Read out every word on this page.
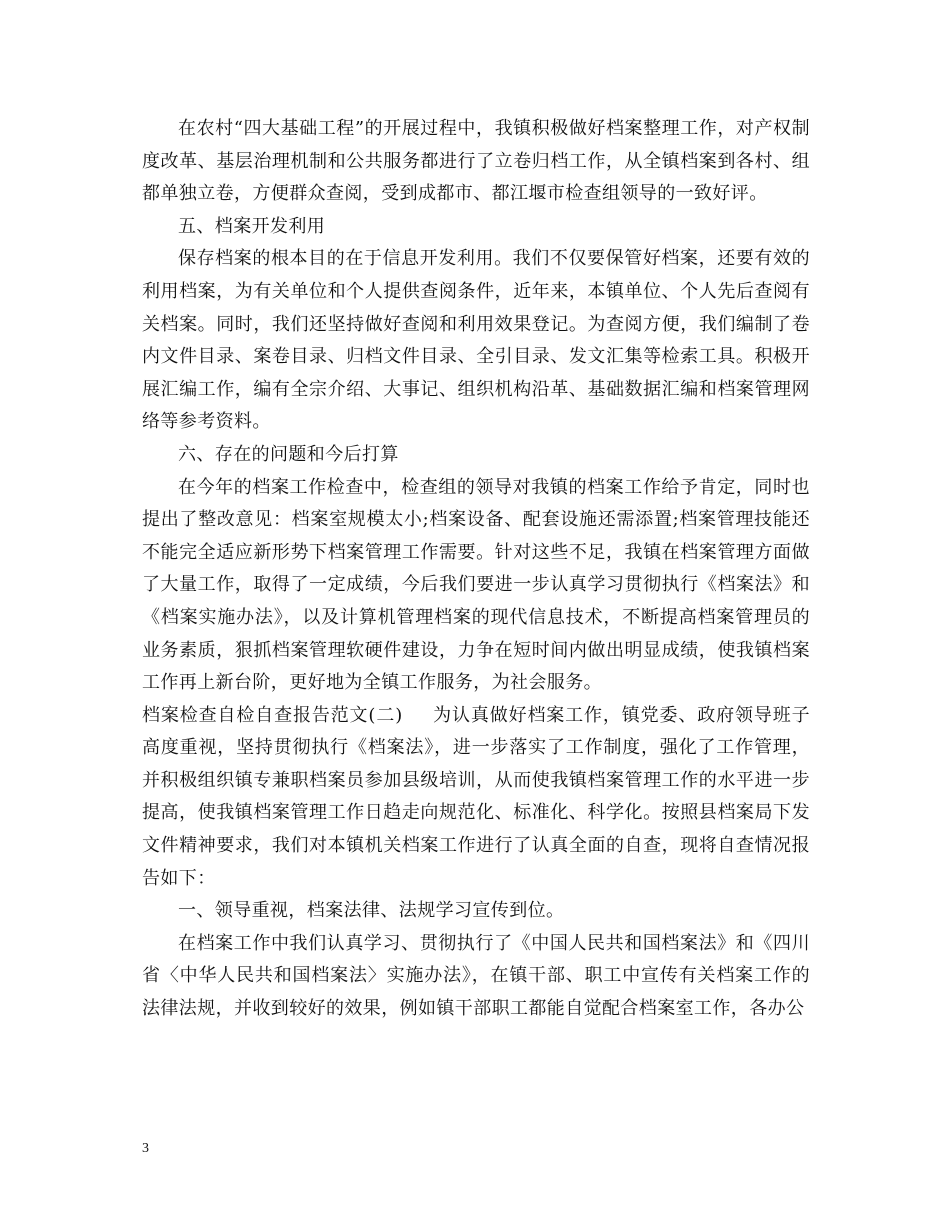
在农村“四大基础工程”的开展过程中，我镇积极做好档案整理工作，对产权制度改革、基层治理机制和公共服务都进行了立卷归档工作，从全镇档案到各村、组都单独立卷，方便群众查阅，受到成都市、都江堰市检查组领导的一致好评。

五、档案开发利用

保存档案的根本目的在于信息开发利用。我们不仅要保管好档案，还要有效的利用档案，为有关单位和个人提供查阅条件，近年来，本镇单位、个人先后查阅有关档案。同时，我们还坚持做好查阅和利用效果登记。为查阅方便，我们编制了卷内文件目录、案卷目录、归档文件目录、全引目录、发文汇集等检索工具。积极开展汇编工作，编有全宗介绍、大事记、组织机构沿革、基础数据汇编和档案管理网络等参考资料。

六、存在的问题和今后打算

在今年的档案工作检查中，检查组的领导对我镇的档案工作给予肯定，同时也提出了整改意见：档案室规模太小;档案设备、配套设施还需添置;档案管理技能还不能完全适应新形势下档案管理工作需要。针对这些不足，我镇在档案管理方面做了大量工作，取得了一定成绩，今后我们要进一步认真学习贯彻执行《档案法》和《档案实施办法》，以及计算机管理档案的现代信息技术，不断提高档案管理员的业务素质，狠抓档案管理软硬件建设，力争在短时间内做出明显成绩，使我镇档案工作再上新台阶，更好地为全镇工作服务，为社会服务。

档案检查自检自查报告范文(二) 为认真做好档案工作，镇党委、政府领导班子高度重视，坚持贯彻执行《档案法》，进一步落实了工作制度，强化了工作管理，并积极组织镇专兼职档案员参加县级培训，从而使我镇档案管理工作的水平进一步提高，使我镇档案管理工作日趋走向规范化、标准化、科学化。按照县档案局下发文件精神要求，我们对本镇机关档案工作进行了认真全面的自查，现将自查情况报告如下：

一、领导重视，档案法律、法规学习宣传到位。

在档案工作中我们认真学习、贯彻执行了《中国人民共和国档案法》和《四川省〈中华人民共和国档案法〉实施办法》，在镇干部、职工中宣传有关档案工作的法律法规，并收到较好的效果，例如镇干部职工都能自觉配合档案室工作，各办公

3
